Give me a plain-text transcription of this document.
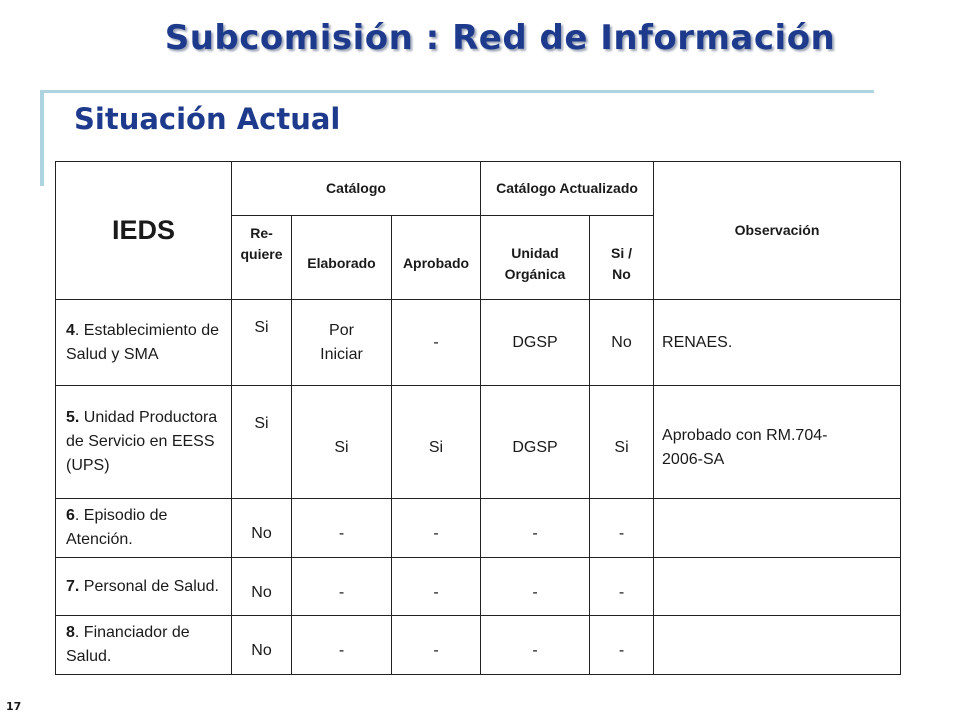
Subcomisión : Red de Información
Situación Actual
IEDS	Catálogo			Catálogo Actualizado		Observación
	Re-quiere	Elaborado	Aprobado	Unidad Orgánica	Si / No	
4. Establecimiento de Salud y SMA	Si	Por Iniciar	-	DGSP	No	RENAES.
5. Unidad Productora de Servicio en EESS (UPS)	Si	Si	Si	DGSP	Si	Aprobado con RM.704-2006-SA
6. Episodio de Atención.	No	-	-	-	-	
7. Personal de Salud.	No	-	-	-	-	
8. Financiador de Salud.	No	-	-	-	-	
17
